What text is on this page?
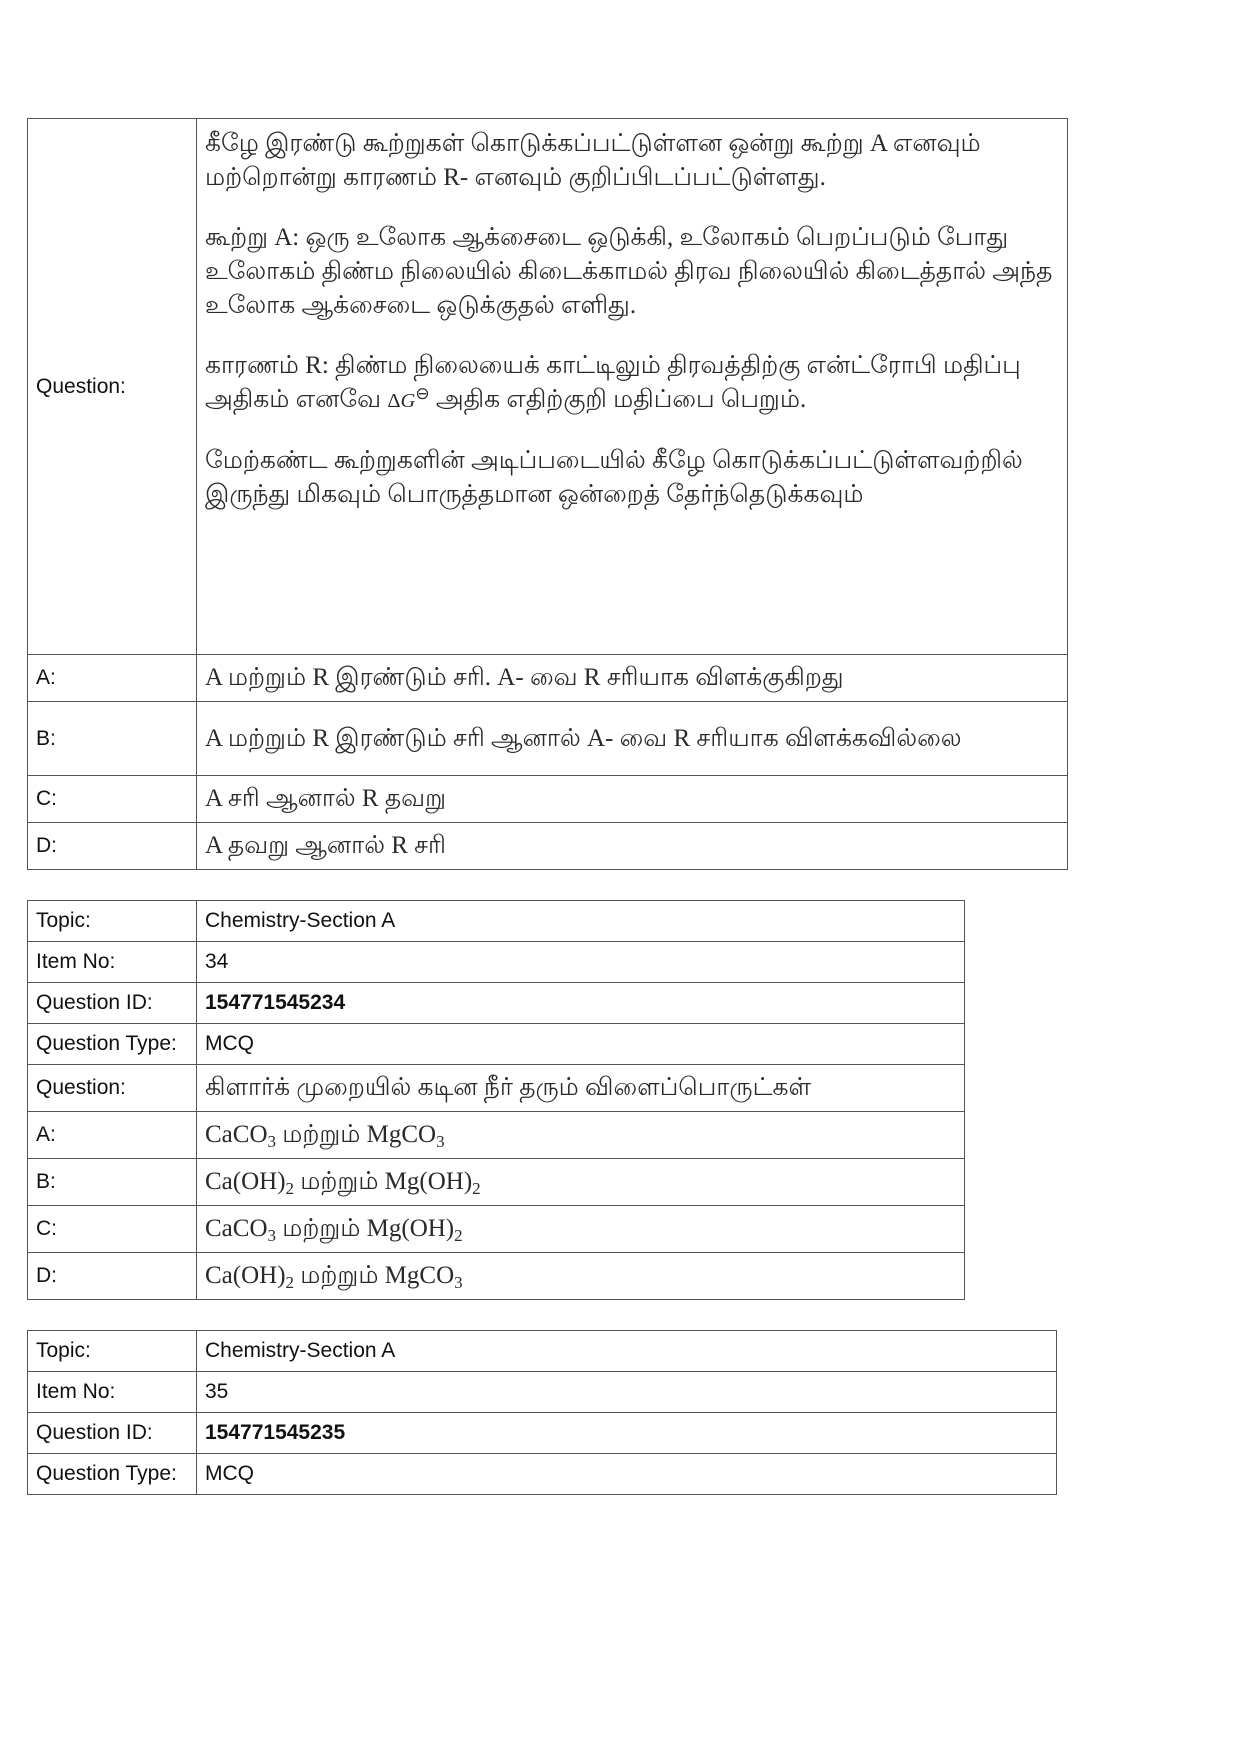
Question:	கீழே இரண்டு கூற்றுகள் கொடுக்கப்பட்டுள்ளன ஒன்று கூற்று A எனவும் மற்றொன்று காரணம் R- எனவும் குறிப்பிடப்பட்டுள்ளது.

கூற்று A: ஒரு உலோக ஆக்சைடை ஒடுக்கி, உலோகம் பெறப்படும் போது உலோகம் திண்ம நிலையில் கிடைக்காமல் திரவ நிலையில் கிடைத்தால் அந்த உலோக ஆக்சைடை ஒடுக்குதல் எளிது.

காரணம் R: திண்ம நிலையைக் காட்டிலும் திரவத்திற்கு என்ட்ரோபி மதிப்பு அதிகம் எனவே ΔG⊖ அதிக எதிற்குறி மதிப்பை பெறும்.

மேற்கண்ட கூற்றுகளின் அடிப்படையில் கீழே கொடுக்கப்பட்டுள்ளவற்றில் இருந்து மிகவும் பொருத்தமான ஒன்றைத் தேர்ந்தெடுக்கவும்

A:	A மற்றும் R இரண்டும் சரி. A- வை R சரியாக விளக்குகிறது
B:	A மற்றும் R இரண்டும் சரி ஆனால் A- வை R சரியாக விளக்கவில்லை
C:	A சரி ஆனால் R தவறு
D:	A தவறு ஆனால் R சரி
Topic:	Chemistry-Section A
Item No:	34
Question ID:	154771545234
Question Type:	MCQ
Question:	கிளார்க் முறையில் கடின நீர் தரும் விளைப்பொருட்கள்
A:	CaCO$_3$ மற்றும் MgCO$_3$
B:	$Ca(OH)_2$ மற்றும் $Mg(OH)_2$
C:	CaCO$_3$ மற்றும் $Mg(OH)_2$
D:	$Ca(OH)_2$ மற்றும் MgCO$_3$
Topic:	Chemistry-Section A
Item No:	35
Question ID:	154771545235
Question Type:	MCQ
